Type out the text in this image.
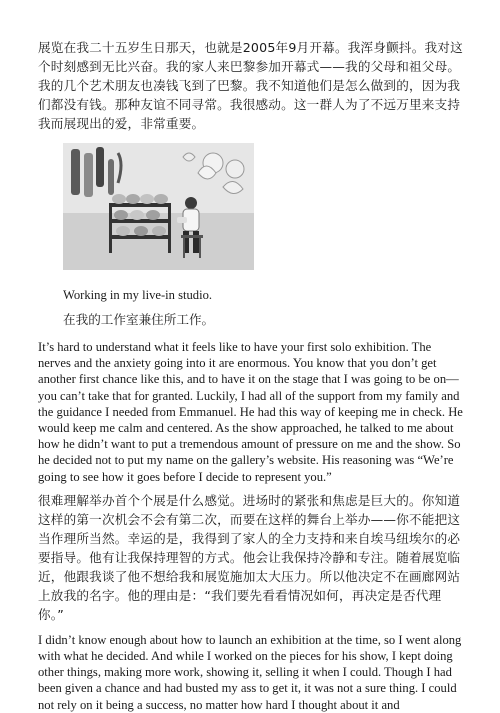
展览在我二十五岁生日那天，也就是2005年9月开幕。我浑身颤抖。我对这个时刻感到无比兴奋。我的家人来巴黎参加开幕式——我的父母和祖父母。我的几个艺术朋友也凑钱飞到了巴黎。我不知道他们是怎么做到的，因为我们都没有钱。那种友谊不同寻常。我很感动。这一群人为了不远万里来支持我而展现出的爱，非常重要。

Working in my live-in studio.

在我的工作室兼住所工作。

It’s hard to understand what it feels like to have your first solo exhibition. The nerves and the anxiety going into it are enormous. You know that you don’t get another first chance like this, and to have it on the stage that I was going to be on—you can’t take that for granted. Luckily, I had all of the support from my family and the guidance I needed from Emmanuel. He had this way of keeping me in check. He would keep me calm and centered. As the show approached, he talked to me about how he didn’t want to put a tremendous amount of pressure on me and the show. So he decided not to put my name on the gallery’s website. His reasoning was “We’re going to see how it goes before I decide to represent you.”

很难理解举办首个个展是什么感觉。进场时的紧张和焦虑是巨大的。你知道这样的第一次机会不会有第二次，而要在这样的舞台上举办——你不能把这当作理所当然。幸运的是，我得到了家人的全力支持和来自埃马纽埃尔的必要指导。他有让我保持理智的方式。他会让我保持冷静和专注。随着展览临近，他跟我谈了他不想给我和展览施加太大压力。所以他决定不在画廊网站上放我的名字。他的理由是：“我们要先看看情况如何，再决定是否代理你。”

I didn’t know enough about how to launch an exhibition at the time, so I went along with what he decided. And while I worked on the pieces for his show, I kept doing other things, making more work, showing it, selling it when I could. Though I had been given a chance and had busted my ass to get it, it was not a sure thing. I could not rely on it being a success, no matter how hard I thought about it and
